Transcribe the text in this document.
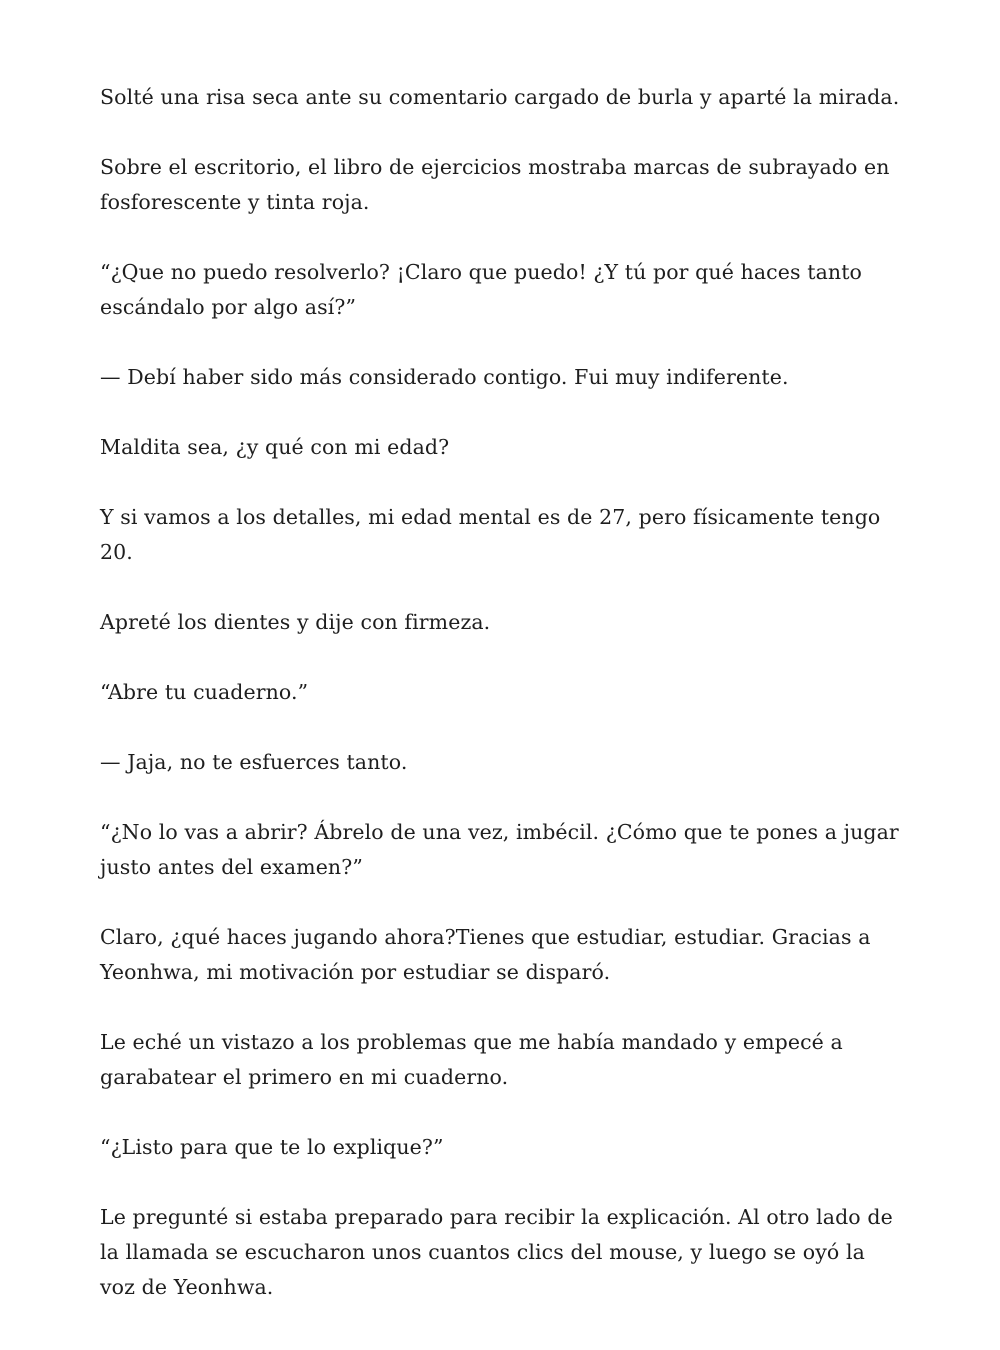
Solté una risa seca ante su comentario cargado de burla y aparté la mirada.

Sobre el escritorio, el libro de ejercicios mostraba marcas de subrayado en fosforescente y tinta roja.

“¿Que no puedo resolverlo? ¡Claro que puedo! ¿Y tú por qué haces tanto escándalo por algo así?”

— Debí haber sido más considerado contigo. Fui muy indiferente.

Maldita sea, ¿y qué con mi edad?

Y si vamos a los detalles, mi edad mental es de 27, pero físicamente tengo 20.

Apreté los dientes y dije con firmeza.

“Abre tu cuaderno.”

— Jaja, no te esfuerces tanto.

“¿No lo vas a abrir? Ábrelo de una vez, imbécil. ¿Cómo que te pones a jugar justo antes del examen?”

Claro, ¿qué haces jugando ahora?Tienes que estudiar, estudiar. Gracias a Yeonhwa, mi motivación por estudiar se disparó.

Le eché un vistazo a los problemas que me había mandado y empecé a garabatear el primero en mi cuaderno.

“¿Listo para que te lo explique?”

Le pregunté si estaba preparado para recibir la explicación. Al otro lado de la llamada se escucharon unos cuantos clics del mouse, y luego se oyó la voz de Yeonhwa.
